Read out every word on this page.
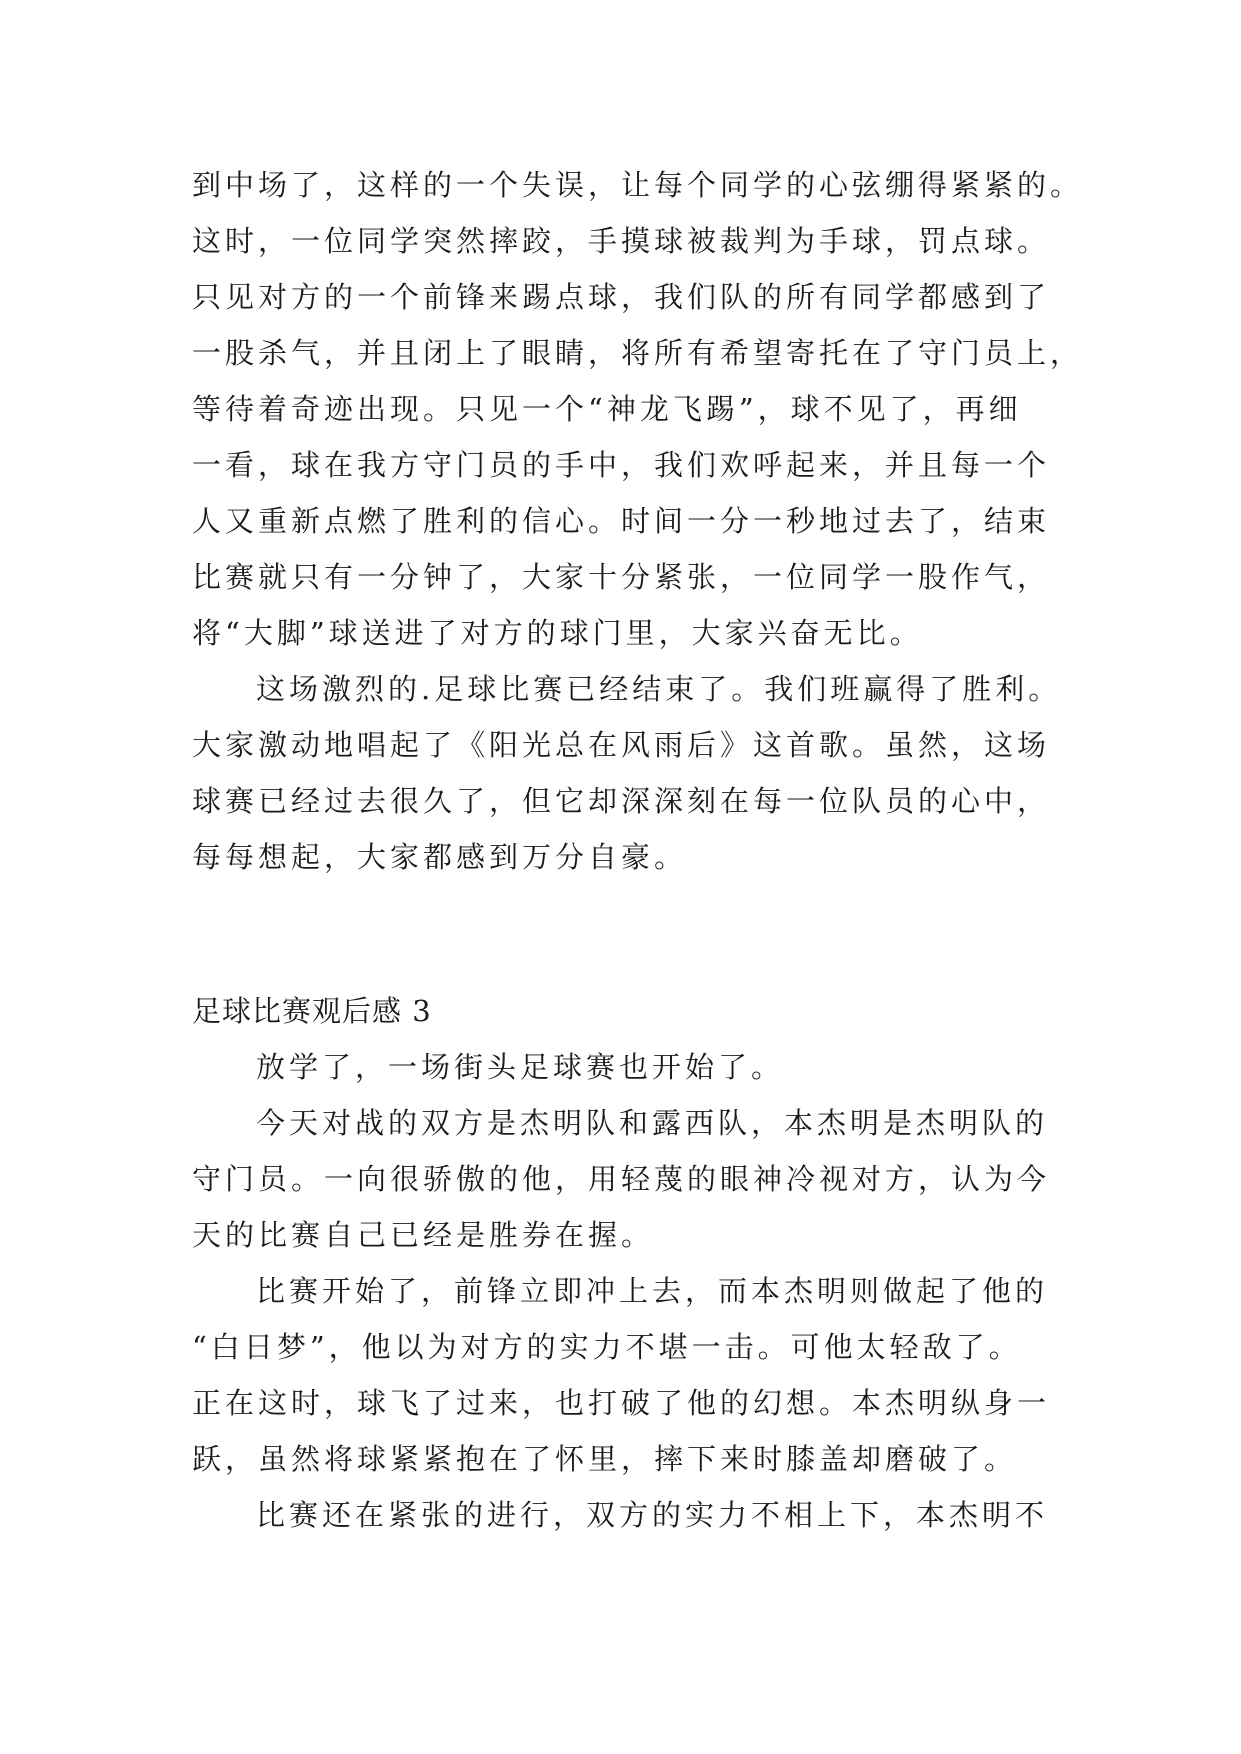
到中场了，这样的一个失误，让每个同学的心弦绷得紧紧的。
这时，一位同学突然摔跤，手摸球被裁判为手球，罚点球。
只见对方的一个前锋来踢点球，我们队的所有同学都感到了
一股杀气，并且闭上了眼睛，将所有希望寄托在了守门员上，
等待着奇迹出现。只见一个“神龙飞踢”，球不见了，再细
一看，球在我方守门员的手中，我们欢呼起来，并且每一个
人又重新点燃了胜利的信心。时间一分一秒地过去了，结束
比赛就只有一分钟了，大家十分紧张，一位同学一股作气，
将“大脚”球送进了对方的球门里，大家兴奋无比。
这场激烈的.足球比赛已经结束了。我们班赢得了胜利。
大家激动地唱起了《阳光总在风雨后》这首歌。虽然，这场
球赛已经过去很久了，但它却深深刻在每一位队员的心中，
每每想起，大家都感到万分自豪。
足球比赛观后感 3
放学了，一场街头足球赛也开始了。
今天对战的双方是杰明队和露西队，本杰明是杰明队的
守门员。一向很骄傲的他，用轻蔑的眼神冷视对方，认为今
天的比赛自己已经是胜券在握。
比赛开始了，前锋立即冲上去，而本杰明则做起了他的
“白日梦”，他以为对方的实力不堪一击。可他太轻敌了。
正在这时，球飞了过来，也打破了他的幻想。本杰明纵身一
跃，虽然将球紧紧抱在了怀里，摔下来时膝盖却磨破了。
比赛还在紧张的进行，双方的实力不相上下，本杰明不
